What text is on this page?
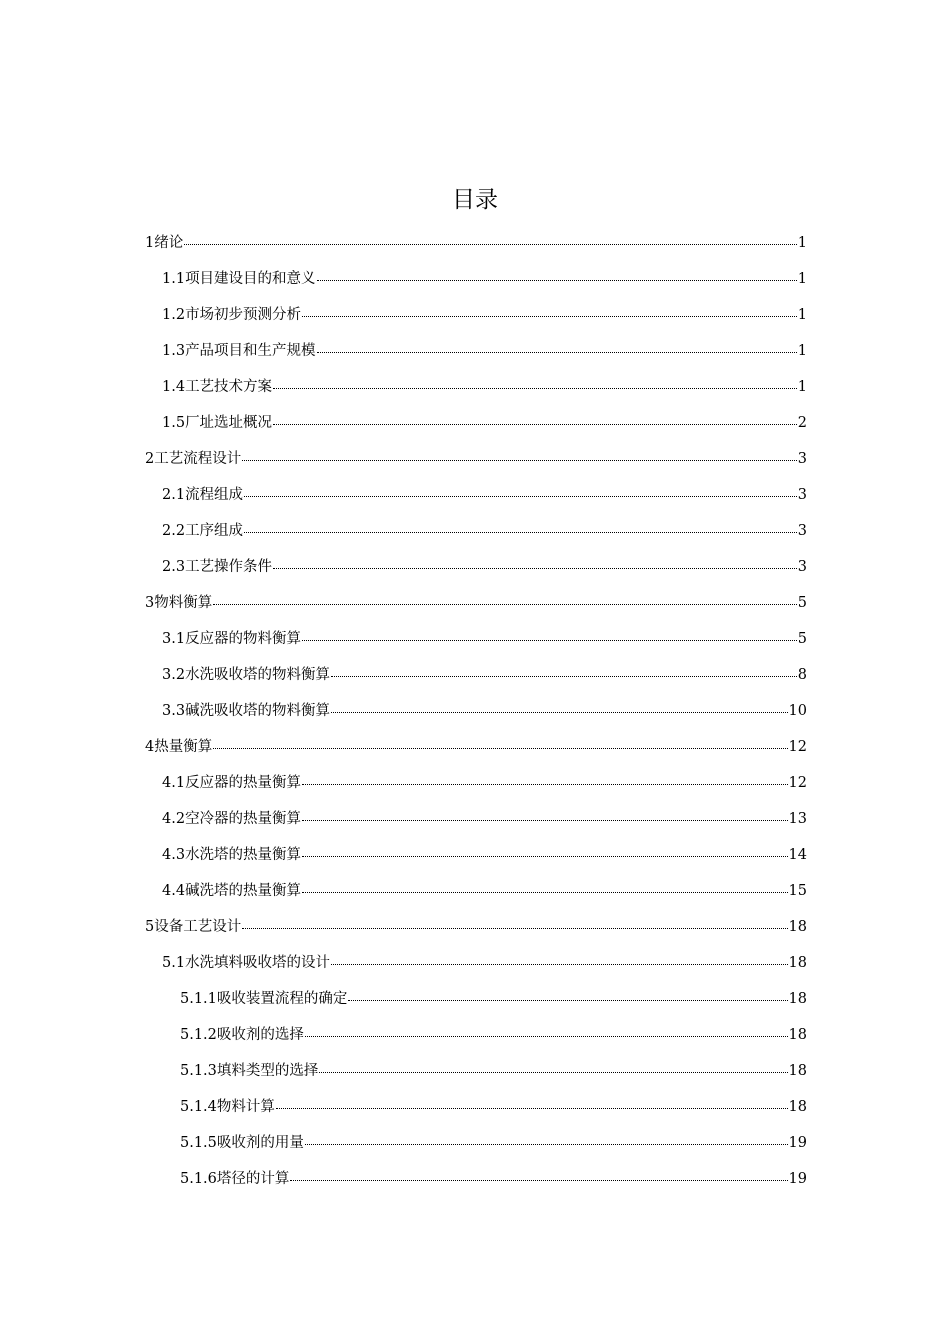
目录
1 绪论	1
1.1 项目建设目的和意义	1
1.2 市场初步预测分析	1
1.3 产品项目和生产规模	1
1.4 工艺技术方案	1
1.5 厂址选址概况	2
2 工艺流程设计	3
2.1 流程组成	3
2.2 工序组成	3
2.3 工艺操作条件	3
3 物料衡算	5
3.1 反应器的物料衡算	5
3.2 水洗吸收塔的物料衡算	8
3.3 碱洗吸收塔的物料衡算	10
4 热量衡算	12
4.1 反应器的热量衡算	12
4.2 空冷器的热量衡算	13
4.3 水洗塔的热量衡算	14
4.4 碱洗塔的热量衡算	15
5 设备工艺设计	18
5.1 水洗填料吸收塔的设计	18
5.1.1 吸收装置流程的确定	18
5.1.2 吸收剂的选择	18
5.1.3 填料类型的选择	18
5.1.4 物料计算	18
5.1.5 吸收剂的用量	19
5.1.6 塔径的计算	19
